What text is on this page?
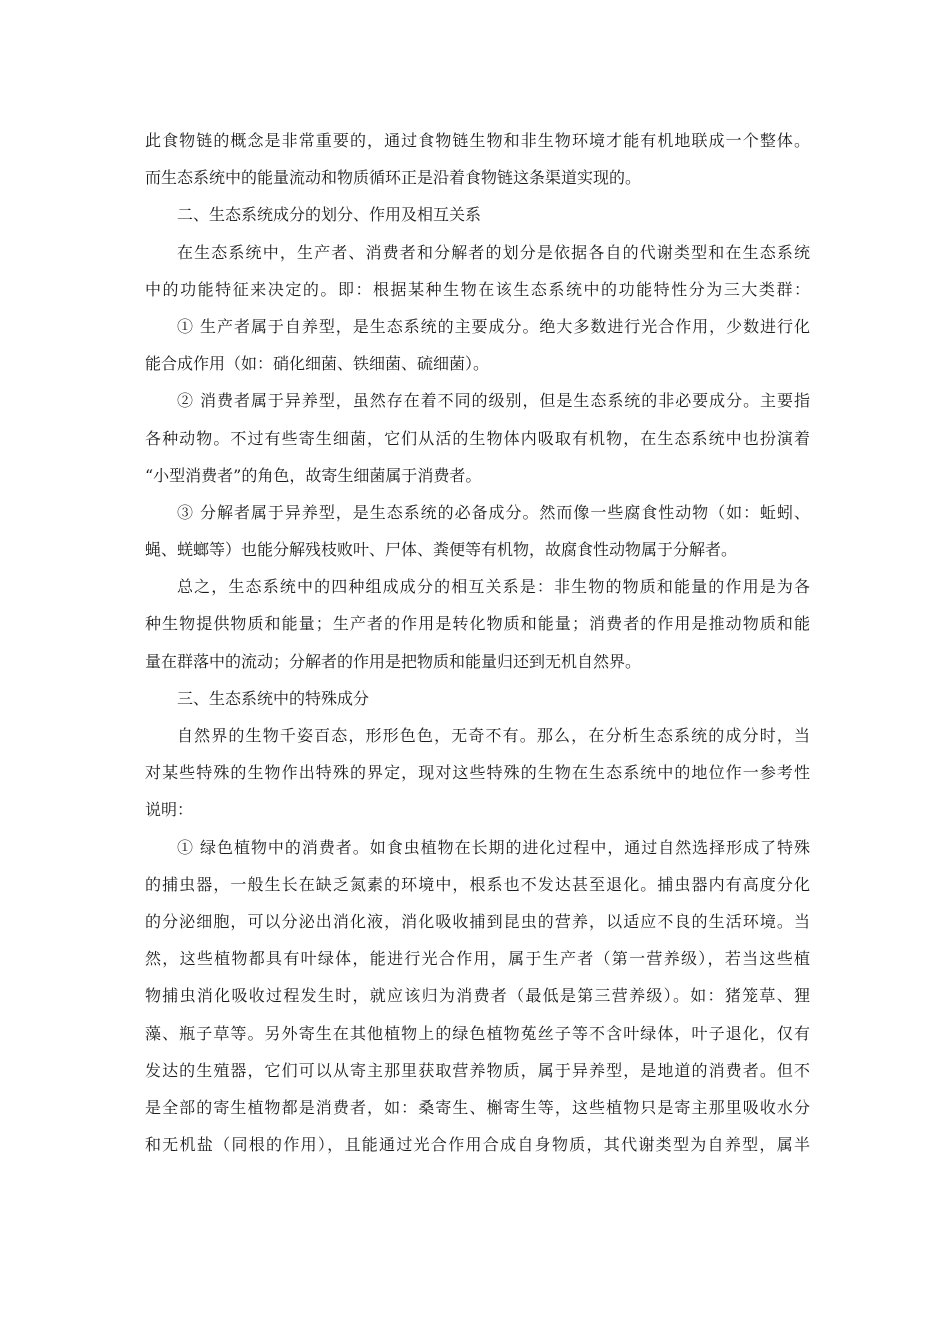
此食物链的概念是非常重要的，通过食物链生物和非生物环境才能有机地联成一个整体。
而生态系统中的能量流动和物质循环正是沿着食物链这条渠道实现的。
二、生态系统成分的划分、作用及相互关系
在生态系统中，生产者、消费者和分解者的划分是依据各自的代谢类型和在生态系统
中的功能特征来决定的。即：根据某种生物在该生态系统中的功能特性分为三大类群：
① 生产者属于自养型，是生态系统的主要成分。绝大多数进行光合作用，少数进行化
能合成作用（如：硝化细菌、铁细菌、硫细菌）。
② 消费者属于异养型，虽然存在着不同的级别，但是生态系统的非必要成分。主要指
各种动物。不过有些寄生细菌，它们从活的生物体内吸取有机物，在生态系统中也扮演着
“小型消费者”的角色，故寄生细菌属于消费者。
③ 分解者属于异养型，是生态系统的必备成分。然而像一些腐食性动物（如：蚯蚓、
蝇、蜣螂等）也能分解残枝败叶、尸体、粪便等有机物，故腐食性动物属于分解者。
总之，生态系统中的四种组成成分的相互关系是：非生物的物质和能量的作用是为各
种生物提供物质和能量；生产者的作用是转化物质和能量；消费者的作用是推动物质和能
量在群落中的流动；分解者的作用是把物质和能量归还到无机自然界。
三、生态系统中的特殊成分
自然界的生物千姿百态，形形色色，无奇不有。那么，在分析生态系统的成分时，当
对某些特殊的生物作出特殊的界定，现对这些特殊的生物在生态系统中的地位作一参考性
说明：
① 绿色植物中的消费者。如食虫植物在长期的进化过程中，通过自然选择形成了特殊
的捕虫器，一般生长在缺乏氮素的环境中，根系也不发达甚至退化。捕虫器内有高度分化
的分泌细胞，可以分泌出消化液，消化吸收捕到昆虫的营养，以适应不良的生活环境。当
然，这些植物都具有叶绿体，能进行光合作用，属于生产者（第一营养级），若当这些植
物捕虫消化吸收过程发生时，就应该归为消费者（最低是第三营养级）。如：猪笼草、狸
藻、瓶子草等。另外寄生在其他植物上的绿色植物菟丝子等不含叶绿体，叶子退化，仅有
发达的生殖器，它们可以从寄主那里获取营养物质，属于异养型，是地道的消费者。但不
是全部的寄生植物都是消费者，如：桑寄生、槲寄生等，这些植物只是寄主那里吸收水分
和无机盐（同根的作用），且能通过光合作用合成自身物质，其代谢类型为自养型，属半
